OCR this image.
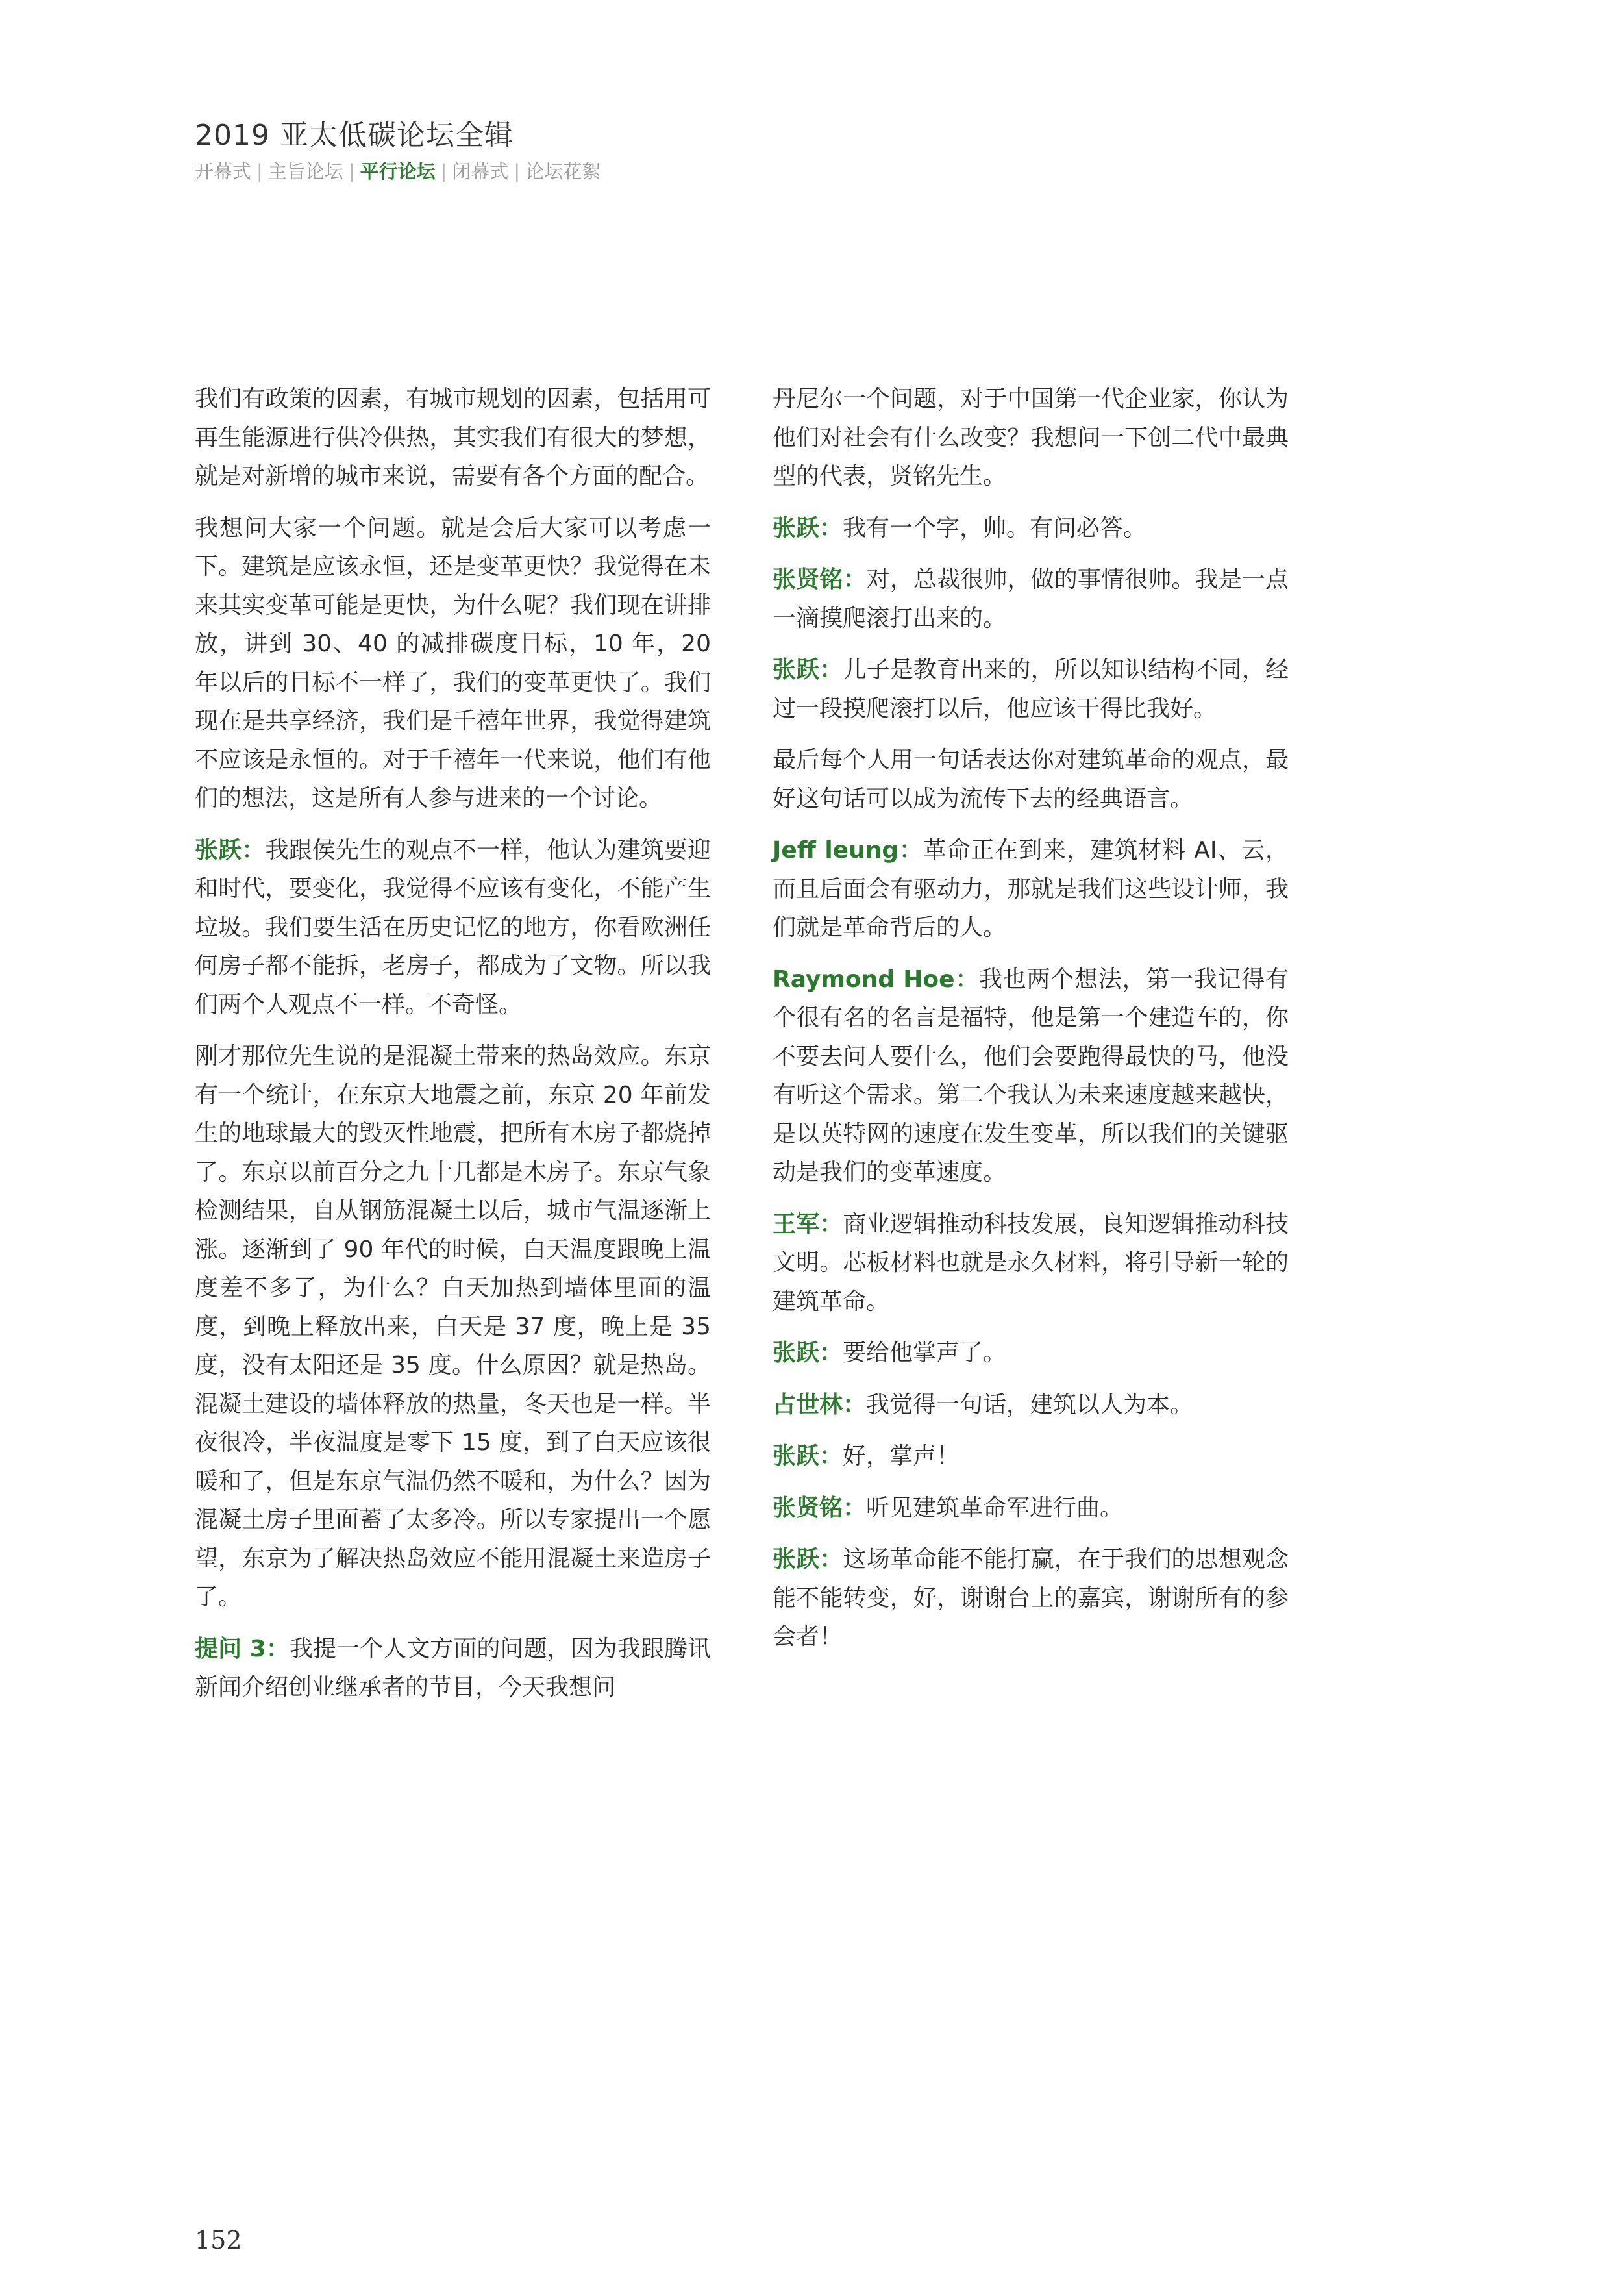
2019 亚太低碳论坛全辑
开幕式 | 主旨论坛 | 平行论坛 | 闭幕式 | 论坛花絮

我们有政策的因素，有城市规划的因素，包括用可再生能源进行供冷供热，其实我们有很大的梦想，就是对新增的城市来说，需要有各个方面的配合。

我想问大家一个问题。就是会后大家可以考虑一下。建筑是应该永恒，还是变革更快？我觉得在未来其实变革可能是更快，为什么呢？我们现在讲排放，讲到 30、40 的减排碳度目标，10 年，20 年以后的目标不一样了，我们的变革更快了。我们现在是共享经济，我们是千禧年世界，我觉得建筑不应该是永恒的。对于千禧年一代来说，他们有他们的想法，这是所有人参与进来的一个讨论。

张跃：我跟侯先生的观点不一样，他认为建筑要迎和时代，要变化，我觉得不应该有变化，不能产生垃圾。我们要生活在历史记忆的地方，你看欧洲任何房子都不能拆，老房子，都成为了文物。所以我们两个人观点不一样。不奇怪。

刚才那位先生说的是混凝土带来的热岛效应。东京有一个统计，在东京大地震之前，东京 20 年前发生的地球最大的毁灭性地震，把所有木房子都烧掉了。东京以前百分之九十几都是木房子。东京气象检测结果，自从钢筋混凝土以后，城市气温逐渐上涨。逐渐到了 90 年代的时候，白天温度跟晚上温度差不多了，为什么？白天加热到墙体里面的温度，到晚上释放出来，白天是 37 度，晚上是 35 度，没有太阳还是 35 度。什么原因？就是热岛。混凝土建设的墙体释放的热量，冬天也是一样。半夜很冷，半夜温度是零下 15 度，到了白天应该很暖和了，但是东京气温仍然不暖和，为什么？因为混凝土房子里面蓄了太多冷。所以专家提出一个愿望，东京为了解决热岛效应不能用混凝土来造房子了。

提问 3：我提一个人文方面的问题，因为我跟腾讯新闻介绍创业继承者的节目，今天我想问

丹尼尔一个问题，对于中国第一代企业家，你认为他们对社会有什么改变？我想问一下创二代中最典型的代表，贤铭先生。

张跃：我有一个字，帅。有问必答。

张贤铭：对，总裁很帅，做的事情很帅。我是一点一滴摸爬滚打出来的。

张跃：儿子是教育出来的，所以知识结构不同，经过一段摸爬滚打以后，他应该干得比我好。

最后每个人用一句话表达你对建筑革命的观点，最好这句话可以成为流传下去的经典语言。

Jeff leung：革命正在到来，建筑材料 AI、云，而且后面会有驱动力，那就是我们这些设计师，我们就是革命背后的人。

Raymond Hoe：我也两个想法，第一我记得有个很有名的名言是福特，他是第一个建造车的，你不要去问人要什么，他们会要跑得最快的马，他没有听这个需求。第二个我认为未来速度越来越快，是以英特网的速度在发生变革，所以我们的关键驱动是我们的变革速度。

王军：商业逻辑推动科技发展，良知逻辑推动科技文明。芯板材料也就是永久材料，将引导新一轮的建筑革命。

张跃：要给他掌声了。

占世林：我觉得一句话，建筑以人为本。

张跃：好，掌声！

张贤铭：听见建筑革命军进行曲。

张跃：这场革命能不能打赢，在于我们的思想观念能不能转变，好，谢谢台上的嘉宾，谢谢所有的参会者！

152
